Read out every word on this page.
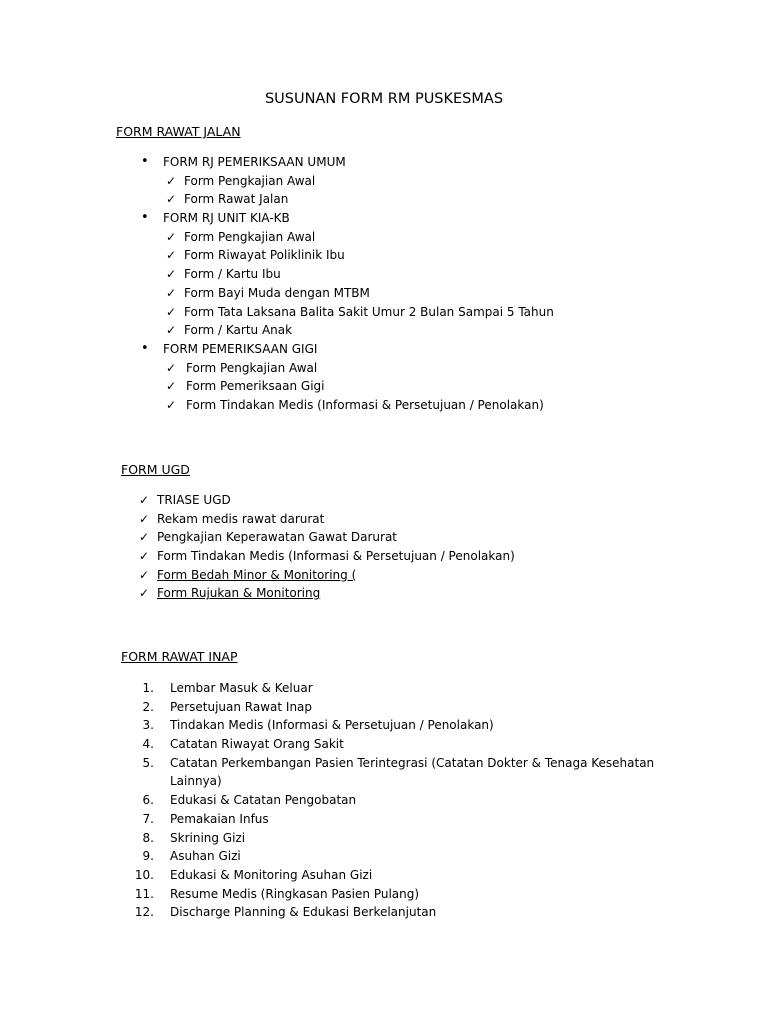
SUSUNAN FORM RM PUSKESMAS
FORM RAWAT JALAN
• FORM RJ PEMERIKSAAN UMUM
✓ Form Pengkajian Awal
✓ Form Rawat Jalan
• FORM RJ UNIT KIA-KB
✓ Form Pengkajian Awal
✓ Form Riwayat Poliklinik Ibu
✓ Form / Kartu Ibu
✓ Form Bayi Muda dengan MTBM
✓ Form Tata Laksana Balita Sakit Umur 2 Bulan Sampai 5 Tahun
✓ Form / Kartu Anak
• FORM PEMERIKSAAN GIGI
✓ Form Pengkajian Awal
✓ Form Pemeriksaan Gigi
✓ Form Tindakan Medis (Informasi & Persetujuan / Penolakan)
FORM UGD
✓ TRIASE UGD
✓ Rekam medis rawat darurat
✓ Pengkajian Keperawatan Gawat Darurat
✓ Form Tindakan Medis (Informasi & Persetujuan / Penolakan)
✓ Form Bedah Minor & Monitoring (
✓ Form Rujukan & Monitoring
FORM RAWAT INAP
1. Lembar Masuk & Keluar
2. Persetujuan Rawat Inap
3. Tindakan Medis (Informasi & Persetujuan / Penolakan)
4. Catatan Riwayat Orang Sakit
5. Catatan Perkembangan Pasien Terintegrasi (Catatan Dokter & Tenaga Kesehatan Lainnya)
6. Edukasi & Catatan Pengobatan
7. Pemakaian Infus
8. Skrining Gizi
9. Asuhan Gizi
10. Edukasi & Monitoring Asuhan Gizi
11. Resume Medis (Ringkasan Pasien Pulang)
12. Discharge Planning & Edukasi Berkelanjutan
